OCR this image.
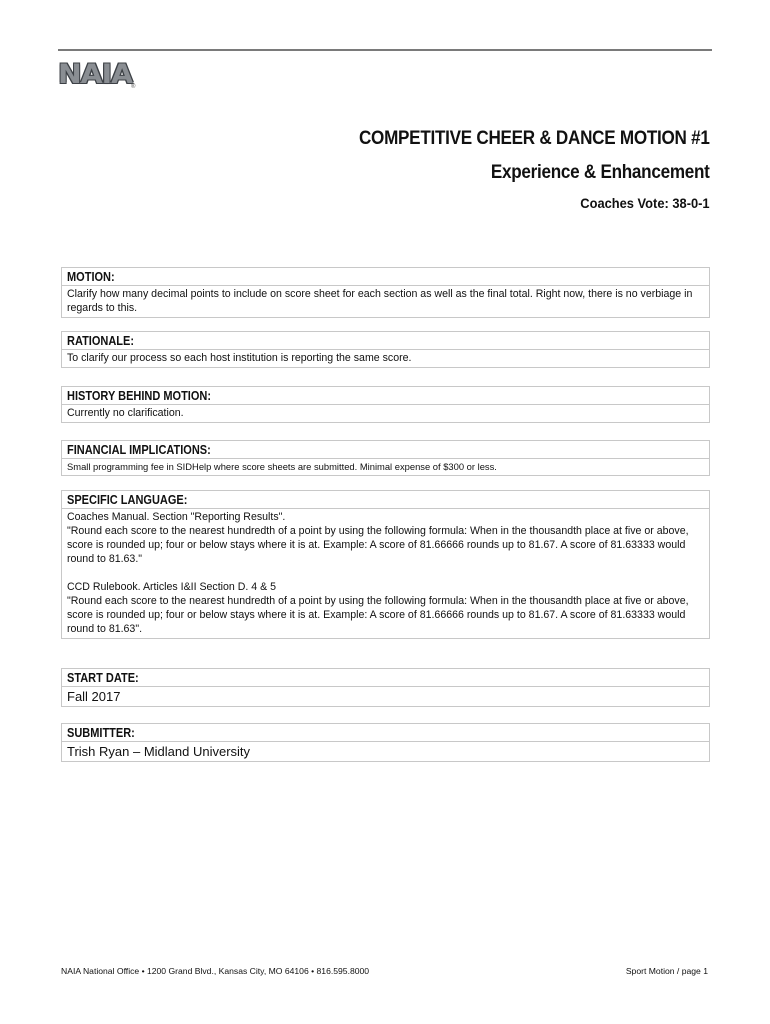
NAIA ®
COMPETITIVE CHEER & DANCE MOTION #1
Experience & Enhancement
Coaches Vote: 38-0-1
MOTION:
Clarify how many decimal points to include on score sheet for each section as well as the final total. Right now, there is no verbiage in regards to this.
RATIONALE:
To clarify our process so each host institution is reporting the same score.
HISTORY BEHIND MOTION:
Currently no clarification.
FINANCIAL IMPLICATIONS:
Small programming fee in SIDHelp where score sheets are submitted. Minimal expense of $300 or less.
SPECIFIC LANGUAGE:
Coaches Manual. Section "Reporting Results".
"Round each score to the nearest hundredth of a point by using the following formula: When in the thousandth place at five or above, score is rounded up; four or below stays where it is at. Example: A score of 81.66666 rounds up to 81.67. A score of 81.63333 would round to 81.63."
CCD Rulebook. Articles I&II Section D. 4 & 5
"Round each score to the nearest hundredth of a point by using the following formula: When in the thousandth place at five or above, score is rounded up; four or below stays where it is at. Example: A score of 81.66666 rounds up to 81.67. A score of 81.63333 would round to 81.63".
START DATE:
Fall 2017
SUBMITTER:
Trish Ryan – Midland University
NAIA National Office • 1200 Grand Blvd., Kansas City, MO 64106 • 816.595.8000	Sport Motion / page 1
